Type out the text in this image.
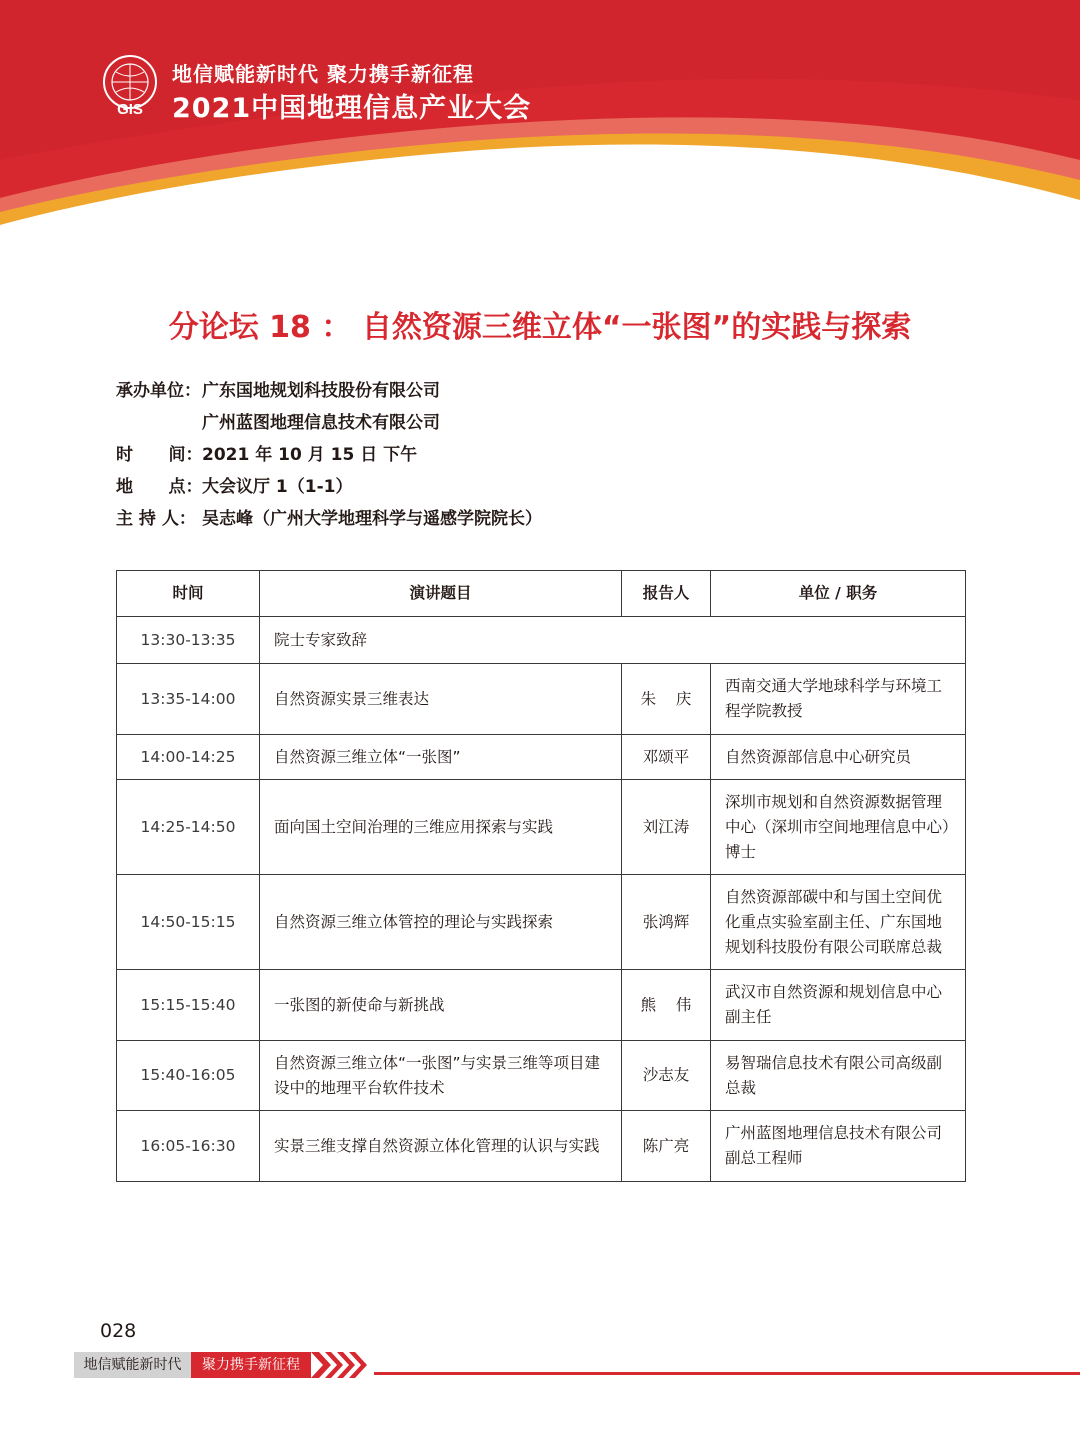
GIS
地信赋能新时代 聚力携手新征程
2021中国地理信息产业大会
分论坛 18 ： 自然资源三维立体“一张图”的实践与探索
承办单位： 广东国地规划科技股份有限公司
广州蓝图地理信息技术有限公司
时      间： 2021 年 10 月 15 日 下午
地      点： 大会议厅 1（1-1）
主 持 人： 吴志峰（广州大学地理科学与遥感学院院长）
时间	演讲题目	报告人	单位 / 职务
13:30-13:35	院士专家致辞		
13:35-14:00	自然资源实景三维表达	朱    庆	西南交通大学地球科学与环境工程学院教授
14:00-14:25	自然资源三维立体“一张图”	邓颂平	自然资源部信息中心研究员
14:25-14:50	面向国土空间治理的三维应用探索与实践	刘江涛	深圳市规划和自然资源数据管理中心（深圳市空间地理信息中心）博士
14:50-15:15	自然资源三维立体管控的理论与实践探索	张鸿辉	自然资源部碳中和与国土空间优化重点实验室副主任、广东国地规划科技股份有限公司联席总裁
15:15-15:40	一张图的新使命与新挑战	熊    伟	武汉市自然资源和规划信息中心副主任
15:40-16:05	自然资源三维立体“一张图”与实景三维等项目建设中的地理平台软件技术	沙志友	易智瑞信息技术有限公司高级副总裁
16:05-16:30	实景三维支撑自然资源立体化管理的认识与实践	陈广亮	广州蓝图地理信息技术有限公司副总工程师
028
地信赋能新时代	聚力携手新征程
